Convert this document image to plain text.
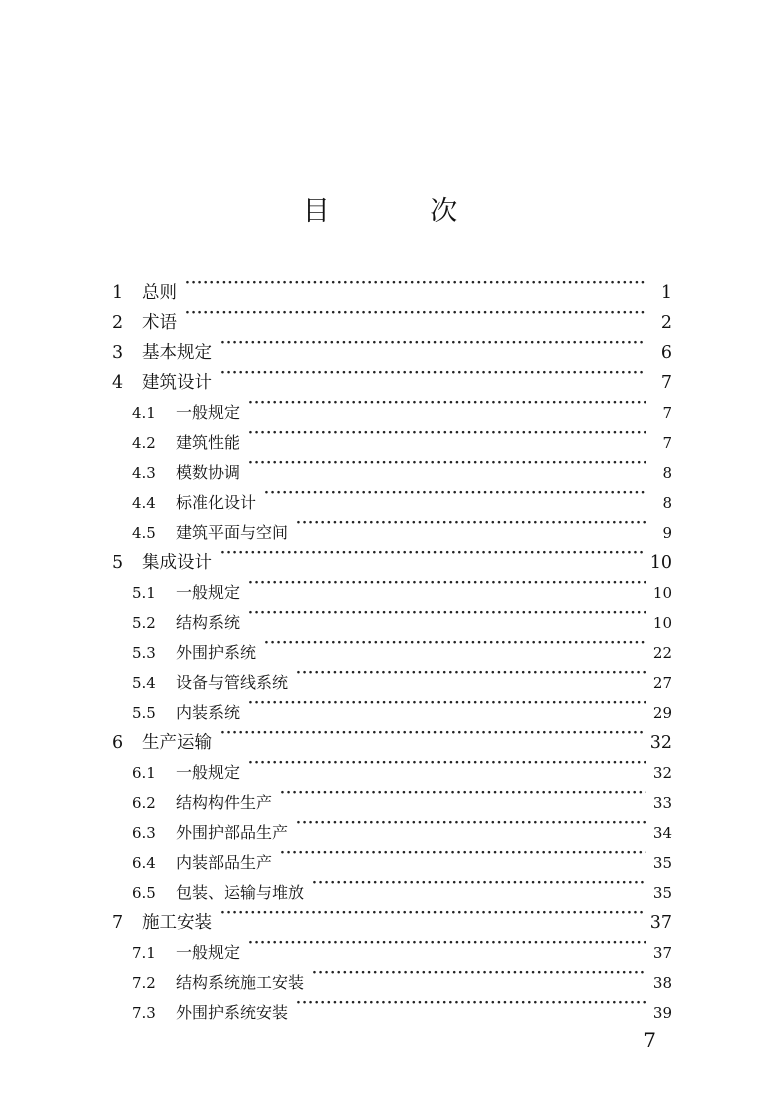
目 次
1	总则 ·····	1
2	术语 ·····	2
3	基本规定 ·····	6
4	建筑设计 ·····	7
4.1	一般规定 ·····	7
4.2	建筑性能 ·····	7
4.3	模数协调 ·····	8
4.4	标准化设计 ·····	8
4.5	建筑平面与空间 ·····	9
5	集成设计 ·····	10
5.1	一般规定 ·····	10
5.2	结构系统 ·····	10
5.3	外围护系统 ·····	22
5.4	设备与管线系统 ·····	27
5.5	内装系统 ·····	29
6	生产运输 ·····	32
6.1	一般规定 ·····	32
6.2	结构构件生产 ·····	33
6.3	外围护部品生产 ·····	34
6.4	内装部品生产 ·····	35
6.5	包装、运输与堆放 ·····	35
7	施工安装 ·····	37
7.1	一般规定 ·····	37
7.2	结构系统施工安装 ·····	38
7.3	外围护系统安装 ·····	39
7
